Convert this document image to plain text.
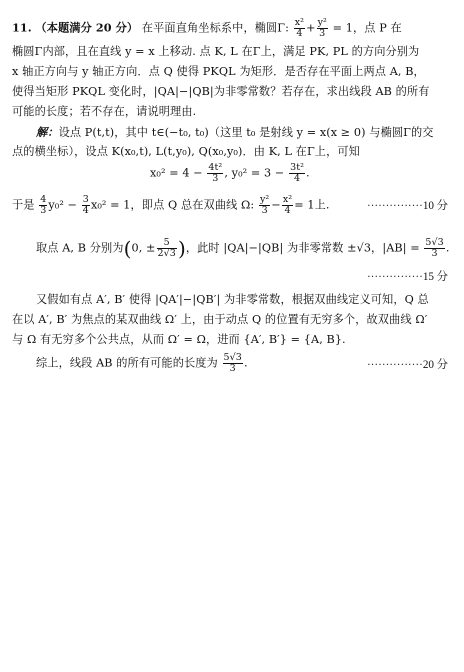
11. （本题满分 20 分） 在平面直角坐标系中，椭圆Γ: $\frac{\text{x²}}{4} + \frac{\text{y²}}{3} = 1$，点 P 在
椭圆Γ内部，且在直线 y = x 上移动. 点 K, L 在Γ上，满足 PK, PL 的方向分别为
x 轴正方向与 y 轴正方向．点 Q 使得 PKQL 为矩形．是否存在平面上两点 A, B，
使得当矩形 PKQL 变化时，|QA|−|QB|为非零常数？若存在，求出线段 AB 的所有
可能的长度；若不存在，请说明理由.
解：设点 P(t,t)，其中 t∈(−t₀, t₀)（这里 t₀ 是射线 y = x(x ≥ 0) 与椭圆Γ的交
点的横坐标），设点 K(x₀,t), L(t,y₀), Q(x₀,y₀)．由 K, L 在Γ上，可知
$x_0^2 = 4 - \frac{\text{4t²}}{3}$ , $y_0^2 = 3 - \frac{\text{3t²}}{4}$ .
于是 $\frac{4}{3} y_0^2 - \frac{3}{4} x_0^2 = 1$，即点 Q 总在双曲线 Ω: $\frac{\text{y²}}{3} - \frac{\text{x²}}{4} = 1$上.	···············10 分
取点 A, B 分别为(0, ± $\frac{5}{2√3}$ )，此时 |QA|−|QB| 为非零常数 ±√3，$|AB| = \frac{5√3}{3}$ .
···············15 分
又假如有点 A′, B′ 使得 |QA′|−|QB′| 为非零常数，根据双曲线定义可知，Q 总
在以 A′, B′ 为焦点的某双曲线 Ω′ 上，由于动点 Q 的位置有无穷多个，故双曲线 Ω′
与 Ω 有无穷多个公共点，从而 Ω′ = Ω，进而 {A′, B′} = {A, B}.
综上，线段 AB 的所有可能的长度为 $\frac{5√3}{3}$ .	···············20 分
